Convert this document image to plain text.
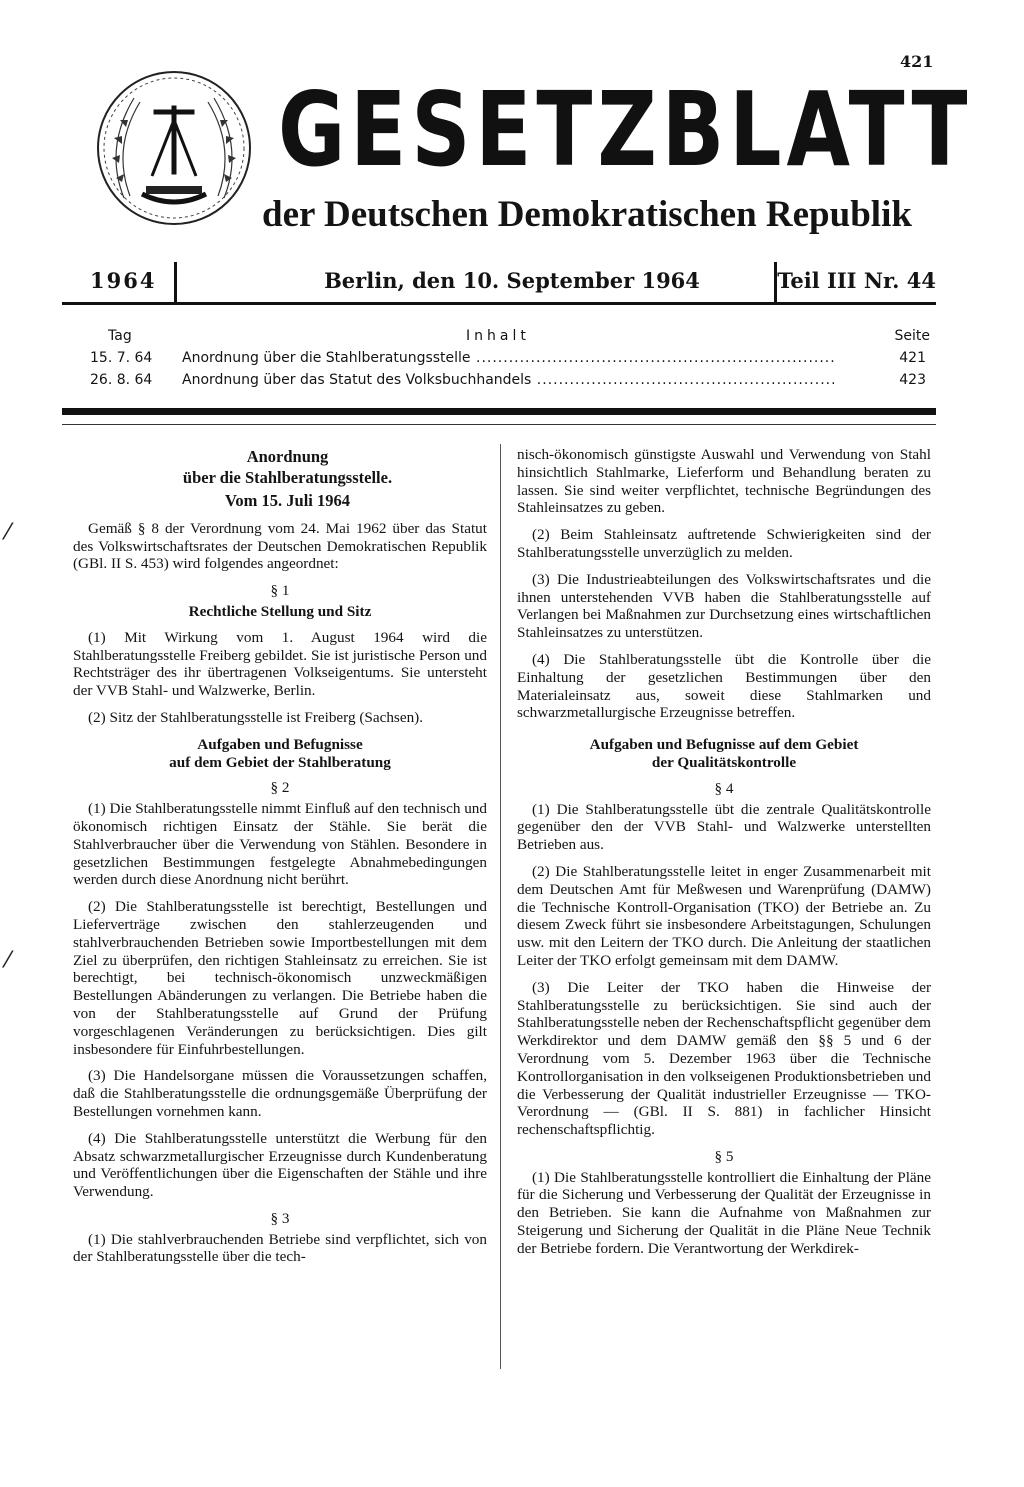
421
GESETZBLATT
der Deutschen Demokratischen Republik
1964	Berlin, den 10. September 1964	Teil III Nr. 44
Tag	Inhalt	Seite
15. 7. 64 Anordnung über die Stahlberatungsstelle .....	421
26. 8. 64 Anordnung über das Statut des Volksbuchhandels .....	423
⁄
⁄

Anordnung

über die Stahlberatungsstelle.

Vom 15. Juli 1964

Gemäß § 8 der Verordnung vom 24. Mai 1962 über das Statut des Volkswirtschaftsrates der Deutschen Demokratischen Republik (GBl. II S. 453) wird folgendes angeordnet:

§ 1

Rechtliche Stellung und Sitz

(1) Mit Wirkung vom 1. August 1964 wird die Stahlberatungsstelle Freiberg gebildet. Sie ist juristische Person und Rechtsträger des ihr übertragenen Volkseigentums. Sie untersteht der VVB Stahl- und Walzwerke, Berlin.

(2) Sitz der Stahlberatungsstelle ist Freiberg (Sachsen).

Aufgaben und Befugnisse

auf dem Gebiet der Stahlberatung

§ 2

(1) Die Stahlberatungsstelle nimmt Einfluß auf den technisch und ökonomisch richtigen Einsatz der Stähle. Sie berät die Stahlverbraucher über die Verwendung von Stählen. Besondere in gesetzlichen Bestimmungen festgelegte Abnahmebedingungen werden durch diese Anordnung nicht berührt.

(2) Die Stahlberatungsstelle ist berechtigt, Bestellungen und Lieferverträge zwischen den stahlerzeugenden und stahlverbrauchenden Betrieben sowie Importbestellungen mit dem Ziel zu überprüfen, den richtigen Stahleinsatz zu erreichen. Sie ist berechtigt, bei technisch-ökonomisch unzweckmäßigen Bestellungen Abänderungen zu verlangen. Die Betriebe haben die von der Stahlberatungsstelle auf Grund der Prüfung vorgeschlagenen Veränderungen zu berücksichtigen. Dies gilt insbesondere für Einfuhrbestellungen.

(3) Die Handelsorgane müssen die Voraussetzungen schaffen, daß die Stahlberatungsstelle die ordnungsgemäße Überprüfung der Bestellungen vornehmen kann.

(4) Die Stahlberatungsstelle unterstützt die Werbung für den Absatz schwarzmetallurgischer Erzeugnisse durch Kundenberatung und Veröffentlichungen über die Eigenschaften der Stähle und ihre Verwendung.

§ 3

(1) Die stahlverbrauchenden Betriebe sind verpflichtet, sich von der Stahlberatungsstelle über die tech-

nisch-ökonomisch günstigste Auswahl und Verwendung von Stahl hinsichtlich Stahlmarke, Lieferform und Behandlung beraten zu lassen. Sie sind weiter verpflichtet, technische Begründungen des Stahleinsatzes zu geben.

(2) Beim Stahleinsatz auftretende Schwierigkeiten sind der Stahlberatungsstelle unverzüglich zu melden.

(3) Die Industrieabteilungen des Volkswirtschaftsrates und die ihnen unterstehenden VVB haben die Stahlberatungsstelle auf Verlangen bei Maßnahmen zur Durchsetzung eines wirtschaftlichen Stahleinsatzes zu unterstützen.

(4) Die Stahlberatungsstelle übt die Kontrolle über die Einhaltung der gesetzlichen Bestimmungen über den Materialeinsatz aus, soweit diese Stahlmarken und schwarzmetallurgische Erzeugnisse betreffen.

Aufgaben und Befugnisse auf dem Gebiet

der Qualitätskontrolle

§ 4

(1) Die Stahlberatungsstelle übt die zentrale Qualitätskontrolle gegenüber den der VVB Stahl- und Walzwerke unterstellten Betrieben aus.

(2) Die Stahlberatungsstelle leitet in enger Zusammenarbeit mit dem Deutschen Amt für Meßwesen und Warenprüfung (DAMW) die Technische Kontroll-Organisation (TKO) der Betriebe an. Zu diesem Zweck führt sie insbesondere Arbeitstagungen, Schulungen usw. mit den Leitern der TKO durch. Die Anleitung der staatlichen Leiter der TKO erfolgt gemeinsam mit dem DAMW.

(3) Die Leiter der TKO haben die Hinweise der Stahlberatungsstelle zu berücksichtigen. Sie sind auch der Stahlberatungsstelle neben der Rechenschaftspflicht gegenüber dem Werkdirektor und dem DAMW gemäß den §§ 5 und 6 der Verordnung vom 5. Dezember 1963 über die Technische Kontrollorganisation in den volkseigenen Produktionsbetrieben und die Verbesserung der Qualität industrieller Erzeugnisse — TKO-Verordnung — (GBl. II S. 881) in fachlicher Hinsicht rechenschaftspflichtig.

§ 5

(1) Die Stahlberatungsstelle kontrolliert die Einhaltung der Pläne für die Sicherung und Verbesserung der Qualität der Erzeugnisse in den Betrieben. Sie kann die Aufnahme von Maßnahmen zur Steigerung und Sicherung der Qualität in die Pläne Neue Technik der Betriebe fordern. Die Verantwortung der Werkdirek-
